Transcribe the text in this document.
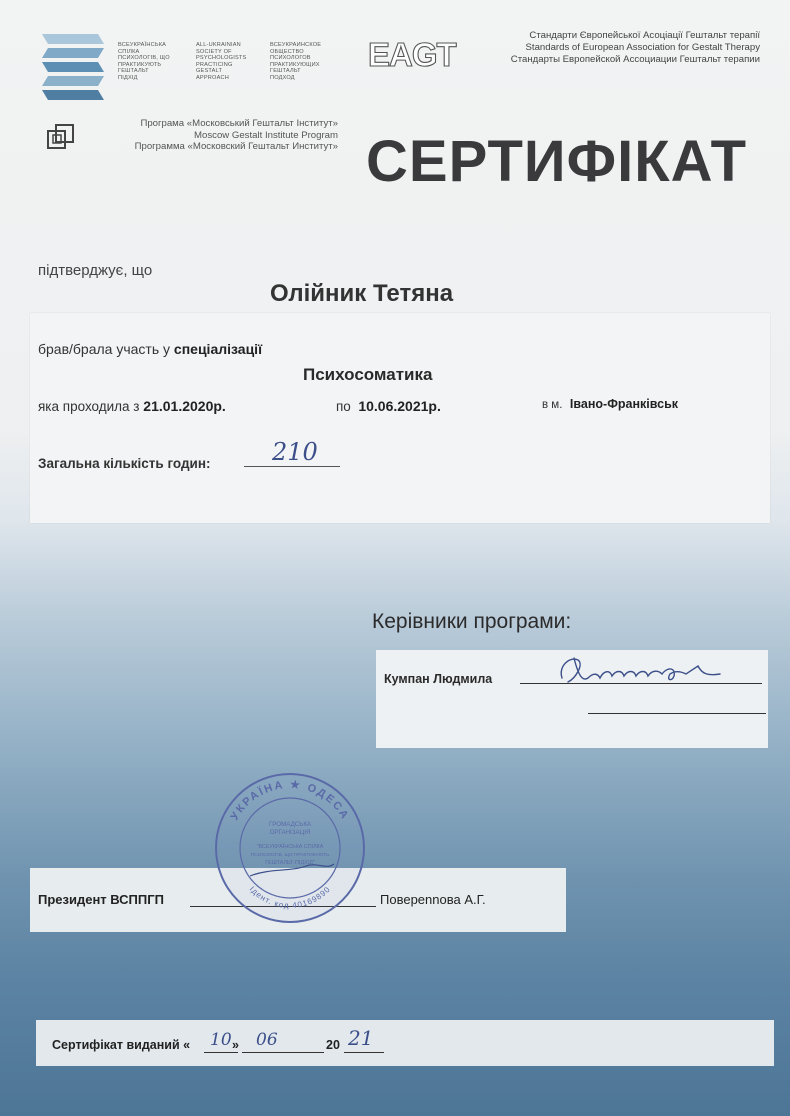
ВСЕУКРАЇНСЬКА
СПІЛКА
ПСИХОЛОГІВ, ЩО
ПРАКТИКУЮТЬ
ГЕШТАЛЬТ
ПІДХІД
ALL-UKRAINIAN
SOCIETY OF
PSYCHOLOGISTS
PRACTICING
GESTALT
APPROACH
ВСЕУКРАИНСКОЕ
ОБЩЕСТВО
ПСИХОЛОГОВ
ПРАКТИКУЮЩИХ
ГЕШТАЛЬТ
ПОДХОД
EAGT
Стандарти Європейської Асоціації Гештальт терапії
Standards of European Association for Gestalt Therapy
Стандарты Европейской Ассоциации Гештальт терапии
Програма «Московський Гештальт Інститут»
Moscow Gestalt Institute Program
Программа «Московский Гештальт Институт» СЕРТИФІКАТ
підтверджує, що
Олійник Тетяна
брав/брала участь у спеціалізації
Психосоматика
яка проходила з 21.01.2020р.	по 10.06.2021р.	в м. Івано-Франківськ
Загальна кількість годин:	210
Керівники програми:
Кумпан Людмила
Президент ВСППГП	Поверennова А.Г.
УКРАЇНА ★ ОДЕСА
Ідент. код 40169890
ГРОМАДСЬКА
ОРГАНІЗАЦІЯ
"ВСЕУКРАЇНСЬКА СПІЛКА
ПСИХОЛОГІВ, ЩО ПРАКТИКУЮТЬ
ГЕШТАЛЬТ-ПІДХІД"
Сертифікат виданий « 10 » 06	20 21
